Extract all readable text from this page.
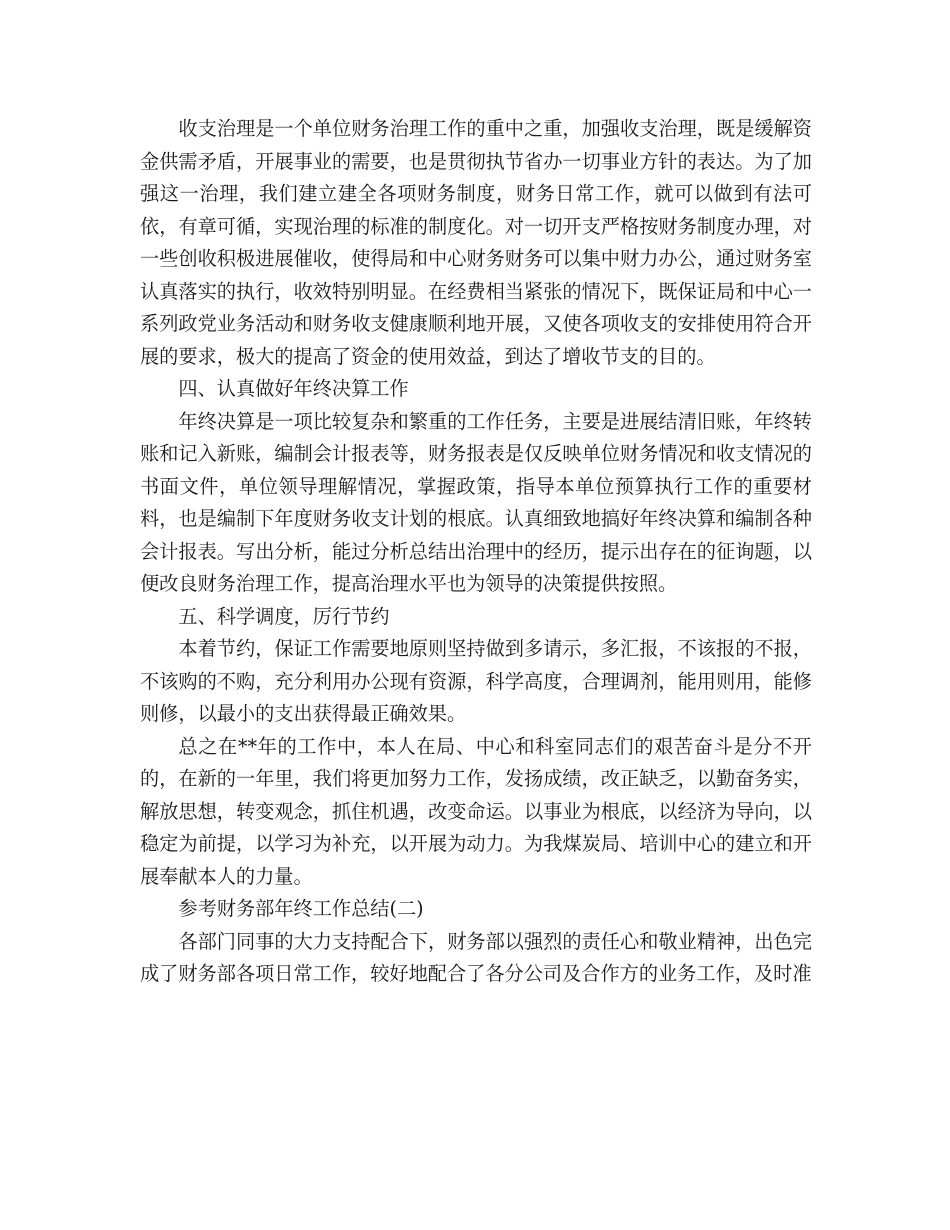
收支治理是一个单位财务治理工作的重中之重，加强收支治理，既是缓解资金供需矛盾，开展事业的需要，也是贯彻执节省办一切事业方针的表达。为了加强这一治理，我们建立建全各项财务制度，财务日常工作，就可以做到有法可依，有章可循，实现治理的标准的制度化。对一切开支严格按财务制度办理，对一些创收积极进展催收，使得局和中心财务财务可以集中财力办公，通过财务室认真落实的执行，收效特别明显。在经费相当紧张的情况下，既保证局和中心一系列政党业务活动和财务收支健康顺利地开展，又使各项收支的安排使用符合开展的要求，极大的提高了资金的使用效益，到达了增收节支的目的。

四、认真做好年终决算工作

年终决算是一项比较复杂和繁重的工作任务，主要是进展结清旧账，年终转账和记入新账，编制会计报表等，财务报表是仅反映单位财务情况和收支情况的书面文件，单位领导理解情况，掌握政策，指导本单位预算执行工作的重要材料，也是编制下年度财务收支计划的根底。认真细致地搞好年终决算和编制各种会计报表。写出分析，能过分析总结出治理中的经历，提示出存在的征询题，以便改良财务治理工作，提高治理水平也为领导的决策提供按照。

五、科学调度，厉行节约

本着节约，保证工作需要地原则坚持做到多请示，多汇报，不该报的不报，不该购的不购，充分利用办公现有资源，科学高度，合理调剂，能用则用，能修则修，以最小的支出获得最正确效果。

总之在**年的工作中，本人在局、中心和科室同志们的艰苦奋斗是分不开的，在新的一年里，我们将更加努力工作，发扬成绩，改正缺乏，以勤奋务实，解放思想，转变观念，抓住机遇，改变命运。以事业为根底，以经济为导向，以稳定为前提，以学习为补充，以开展为动力。为我煤炭局、培训中心的建立和开展奉献本人的力量。

参考财务部年终工作总结(二)

各部门同事的大力支持配合下，财务部以强烈的责任心和敬业精神，出色完成了财务部各项日常工作，较好地配合了各分公司及合作方的业务工作，及时准
